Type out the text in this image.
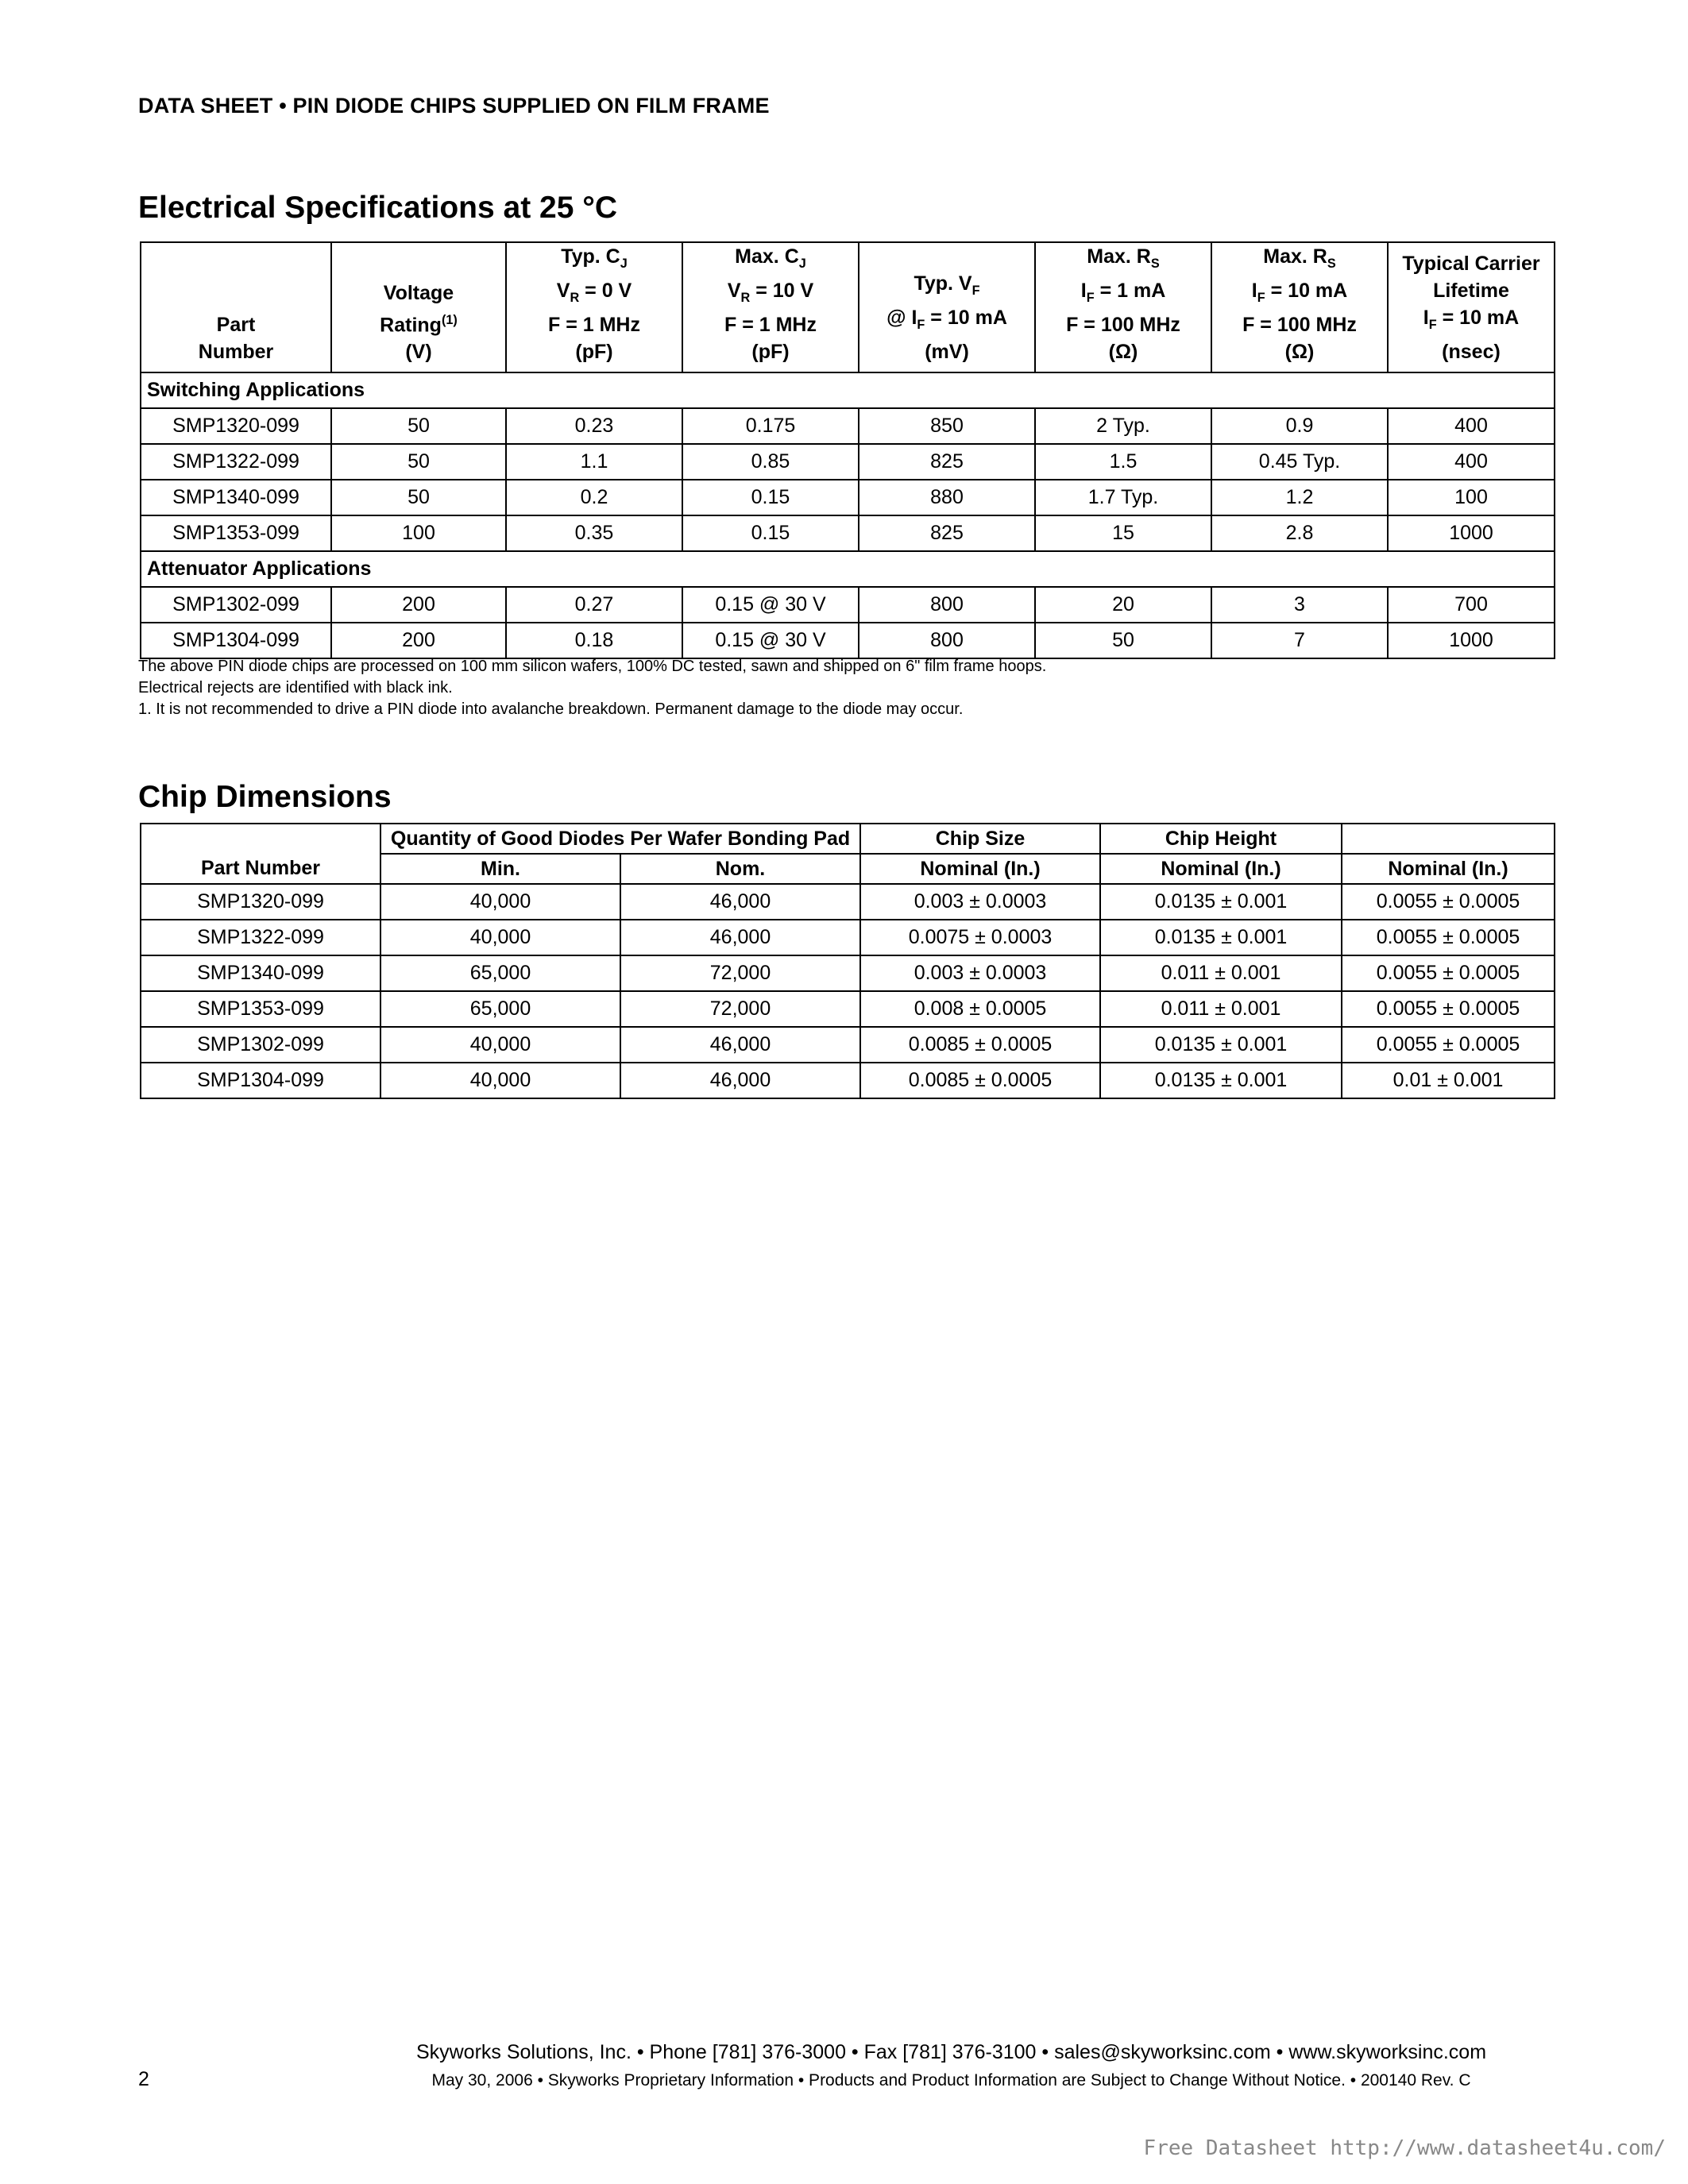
DATA SHEET • PIN DIODE CHIPS SUPPLIED ON FILM FRAME
Electrical Specifications at 25 °C
Part
Number	Voltage
Rating$^{(1)}$
(V)	Typ. $C_J$
$V_R = 0$ V
F = 1 MHz
(pF)	Max. $C_J$
$V_R = 10$ V
F = 1 MHz
(pF)	Typ. $V_F$
@ $I_F = 10$ mA
(mV)	Max. $R_S$
$I_F = 1$ mA
F = 100 MHz
(Ω)	Max. $R_S$
$I_F = 10$ mA
F = 100 MHz
(Ω)	Typical Carrier
Lifetime
$I_F = 10$ mA
(nsec)
Switching Applications							
SMP1320-099	50	0.23	0.175	850	2 Typ.	0.9	400
SMP1322-099	50	1.1	0.85	825	1.5	0.45 Typ.	400
SMP1340-099	50	0.2	0.15	880	1.7 Typ.	1.2	100
SMP1353-099	100	0.35	0.15	825	15	2.8	1000
Attenuator Applications							
SMP1302-099	200	0.27	0.15 @ 30 V	800	20	3	700
SMP1304-099	200	0.18	0.15 @ 30 V	800	50	7	1000
The above PIN diode chips are processed on 100 mm silicon wafers, 100% DC tested, sawn and shipped on 6" film frame hoops.
Electrical rejects are identified with black ink.
1. It is not recommended to drive a PIN diode into avalanche breakdown. Permanent damage to the diode may occur.
Chip Dimensions
Part Number	Quantity of Good Diodes Per Wafer Bonding Pad		Chip Size	Chip Height	
	Min.	Nom.	Nominal (In.)	Nominal (In.)	Nominal (In.)
SMP1320-099	40,000	46,000	0.003 ± 0.0003	0.0135 ± 0.001	0.0055 ± 0.0005
SMP1322-099	40,000	46,000	0.0075 ± 0.0003	0.0135 ± 0.001	0.0055 ± 0.0005
SMP1340-099	65,000	72,000	0.003 ± 0.0003	0.011 ± 0.001	0.0055 ± 0.0005
SMP1353-099	65,000	72,000	0.008 ± 0.0005	0.011 ± 0.001	0.0055 ± 0.0005
SMP1302-099	40,000	46,000	0.0085 ± 0.0005	0.0135 ± 0.001	0.0055 ± 0.0005
SMP1304-099	40,000	46,000	0.0085 ± 0.0005	0.0135 ± 0.001	0.01 ± 0.001
Skyworks Solutions, Inc. • Phone [781] 376-3000 • Fax [781] 376-3100 • sales@skyworksinc.com • www.skyworksinc.com
2	May 30, 2006 • Skyworks Proprietary Information • Products and Product Information are Subject to Change Without Notice. • 200140 Rev. C
Free Datasheet http://www.datasheet4u.com/
